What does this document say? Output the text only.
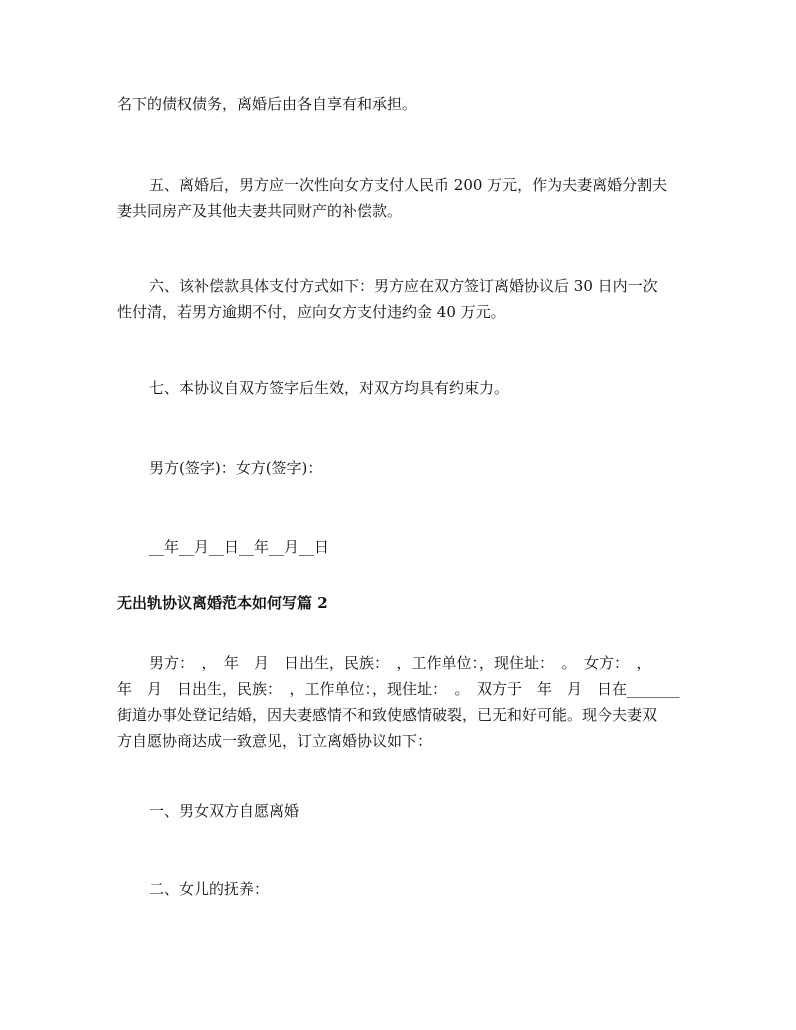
名下的债权债务，离婚后由各自享有和承担。
五、离婚后，男方应一次性向女方支付人民币 200 万元，作为夫妻离婚分割夫
妻共同房产及其他夫妻共同财产的补偿款。
六、该补偿款具体支付方式如下：男方应在双方签订离婚协议后 30 日内一次
性付清，若男方逾期不付，应向女方支付违约金 40 万元。
七、本协议自双方签字后生效，对双方均具有约束力。
男方(签字)：女方(签字)：
__年__月__日__年__月__日
无出轨协议离婚范本如何写篇 2
男方：　，　年　月　日出生，民族：　，工作单位：，现住址：　。　女方：　，
年　月　日出生，民族：　，工作单位：，现住址：　。　双方于　年　月　日在_______
街道办事处登记结婚，因夫妻感情不和致使感情破裂，已无和好可能。现今夫妻双
方自愿协商达成一致意见，订立离婚协议如下：
一、男女双方自愿离婚
二、女儿的抚养：
